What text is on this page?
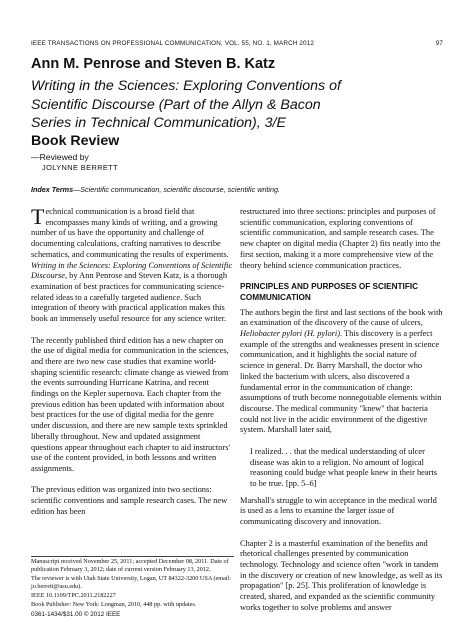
IEEE TRANSACTIONS ON PROFESSIONAL COMMUNICATION, VOL. 55, NO. 1, MARCH 2012	97
Ann M. Penrose and Steven B. Katz
Writing in the Sciences: Exploring Conventions of Scientific Discourse (Part of the Allyn & Bacon Series in Technical Communication), 3/E
Book Review
—Reviewed by
JOLYNNE BERRETT
Index Terms—Scientific communication, scientific discourse, scientific writing.

Technical communication is a broad field that encompasses many kinds of writing, and a growing number of us have the opportunity and challenge of documenting calculations, crafting narratives to describe schematics, and communicating the results of experiments. Writing in the Sciences: Exploring Conventions of Scientific Discourse, by Ann Penrose and Steven Katz, is a thorough examination of best practices for communicating science-related ideas to a carefully targeted audience. Such integration of theory with practical application makes this book an immensely useful resource for any science writer.

The recently published third edition has a new chapter on the use of digital media for communication in the sciences, and there are two new case studies that examine world-shaping scientific research: climate change as viewed from the events surrounding Hurricane Katrina, and recent findings on the Kepler supernova. Each chapter from the previous edition has been updated with information about best practices for the use of digital media for the genre under discussion, and there are new sample texts sprinkled liberally throughout. New and updated assignment questions appear throughout each chapter to aid instructors' use of the content provided, in both lessons and written assignments.

The previous edition was organized into two sections: scientific conventions and sample research cases. The new edition has been

restructured into three sections: principles and purposes of scientific communication, exploring conventions of scientific communication, and sample research cases. The new chapter on digital media (Chapter 2) fits neatly into the first section, making it a more comprehensive view of the theory behind science communication practices.

PRINCIPLES AND PURPOSES OF SCIENTIFIC COMMUNICATION

The authors begin the first and last sections of the book with an examination of the discovery of the cause of ulcers, Heliobacter pylori (H. pylori). This discovery is a perfect example of the strengths and weaknesses present in science communication, and it highlights the social nature of science in general. Dr. Barry Marshall, the doctor who linked the bacterium with ulcers, also discovered a fundamental error in the communication of change: assumptions of truth become nonnegotiable elements within discourse. The medical community "knew" that bacteria could not live in the acidic environment of the digestive system. Marshall later said,

I realized. . . that the medical understanding of ulcer disease was akin to a religion. No amount of logical reasoning could budge what people knew in their hearts to be true. [pp. 5–6]

Marshall's struggle to win acceptance in the medical world is used as a lens to examine the larger issue of communicating discovery and innovation.

Chapter 2 is a masterful examination of the benefits and rhetorical challenges presented by communication technology. Technology and science often "work in tandem in the discovery or creation of new knowledge, as well as its propagation" [p. 25]. This proliferation of knowledge is created, shared, and expanded as the scientific community works together to solve problems and answer

Manuscript received November 25, 2011; accepted December 08, 2011. Date of publication February 3, 2012; date of current version February 13, 2012.
The reviewer is with Utah State University, Logan, UT 84322-3200 USA (email: jo.berrett@usu.edu).
IEEE 10.1109/TPC.2011.2182227
Book Publisher: New York: Longman, 2010, 448 pp. with updates.
0361-1434/$31.00 © 2012 IEEE
